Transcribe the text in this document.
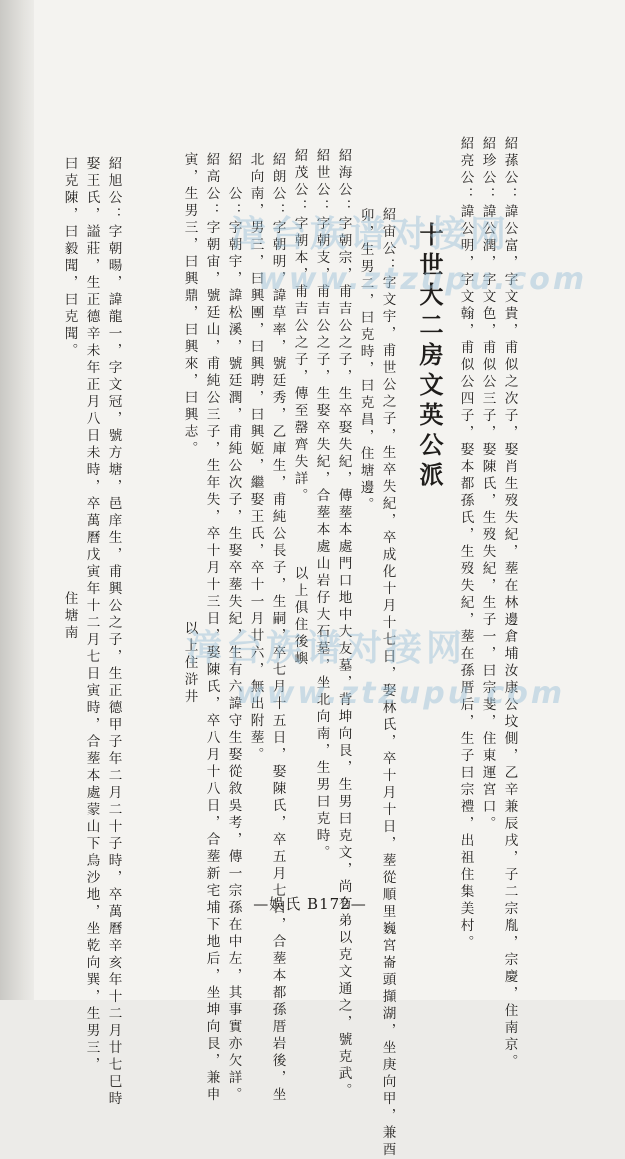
十世大二房文英公派	紹蓀公：諱公富，字文貴，甫似之次子，娶肖生歿失紀，塟在林邊倉埔汝康公坟側，乙辛兼辰戌，子二宗胤，宗慶，住南京。
紹珍公：諱公潤，字文色，甫似公三子，娶陳氏，生歿失紀，生子一，曰宗斐，住東運宮口。
紹亮公：諱公明，字文翰，甫似公四子，娶本都孫氏，生歿失紀，塟在孫厝后，生子曰宗禮，出祖住集美村。
紹宙公：字文宇，甫世公之子，生卒失紀，卒成化十月十七日，娶林氏，卒十月十日，塟從順里巍宮崙頭擷湖，坐庚向甲，兼酉
卯，生男二，曰克時，曰克昌，住塘邊。
紹海公：字朝宗，甫吉公之子，生卒娶失紀，傳塟本處門口地中大友墓，背坤向艮，生男曰克文，尚有弟以克文通之，號克武。
紹世公：字朝支，甫吉公之子，生娶卒失紀，合塟本處山岩仔大石墓，坐北向南，生男曰克時。
紹茂公：字朝本，甫吉公之子，傳至罄齊失詳。　　　　以上俱住後嶼
紹朗公：字朝明，諱草率，號廷秀，乙庫生，甫純公長子，生嗣，卒七月十五日，娶陳氏，卒五月七日，合塟本都孫厝岩後，坐
北向南，男三，曰興團，曰興聘，曰興姬，繼娶王氏，卒十一月廿六，無出附塟。
紹　公：字朝宇，諱松溪，號廷潤，甫純公次子，生娶卒塟失紀，生有六諱守生娶從敘吳考，傳一宗孫在中左，其事實亦欠詳。
紹高公：字朝宙，號廷山，甫純公三子，生年失，卒十月十三日，娶陳氏，卒八月十八日，合塟新宅埔下地后，坐坤向艮，兼申
寅，生男三，曰興鼎，曰興來，曰興志。　　　　　　　　　　以上住浒井
紹旭公：字朝暘，諱龍一，字文冠，號方塘，邑庠生，甫興公之子，生正德甲子年二月二十子時，卒萬曆辛亥年十二月廿七巳時
娶王氏，謚莊，生正德辛未年正月八日未時，卒萬曆戊寅年十二月七日寅時，合塟本處蒙山下烏沙地，坐乾向巽，生男三，
曰克陳，曰毅聞，曰克聞。　　　　　　　　　　　　　　住塘南	漳台族谱对接网
www.ztzupu.com
漳台族谱对接网
www.ztzupu.com
—娛氏 B172—
